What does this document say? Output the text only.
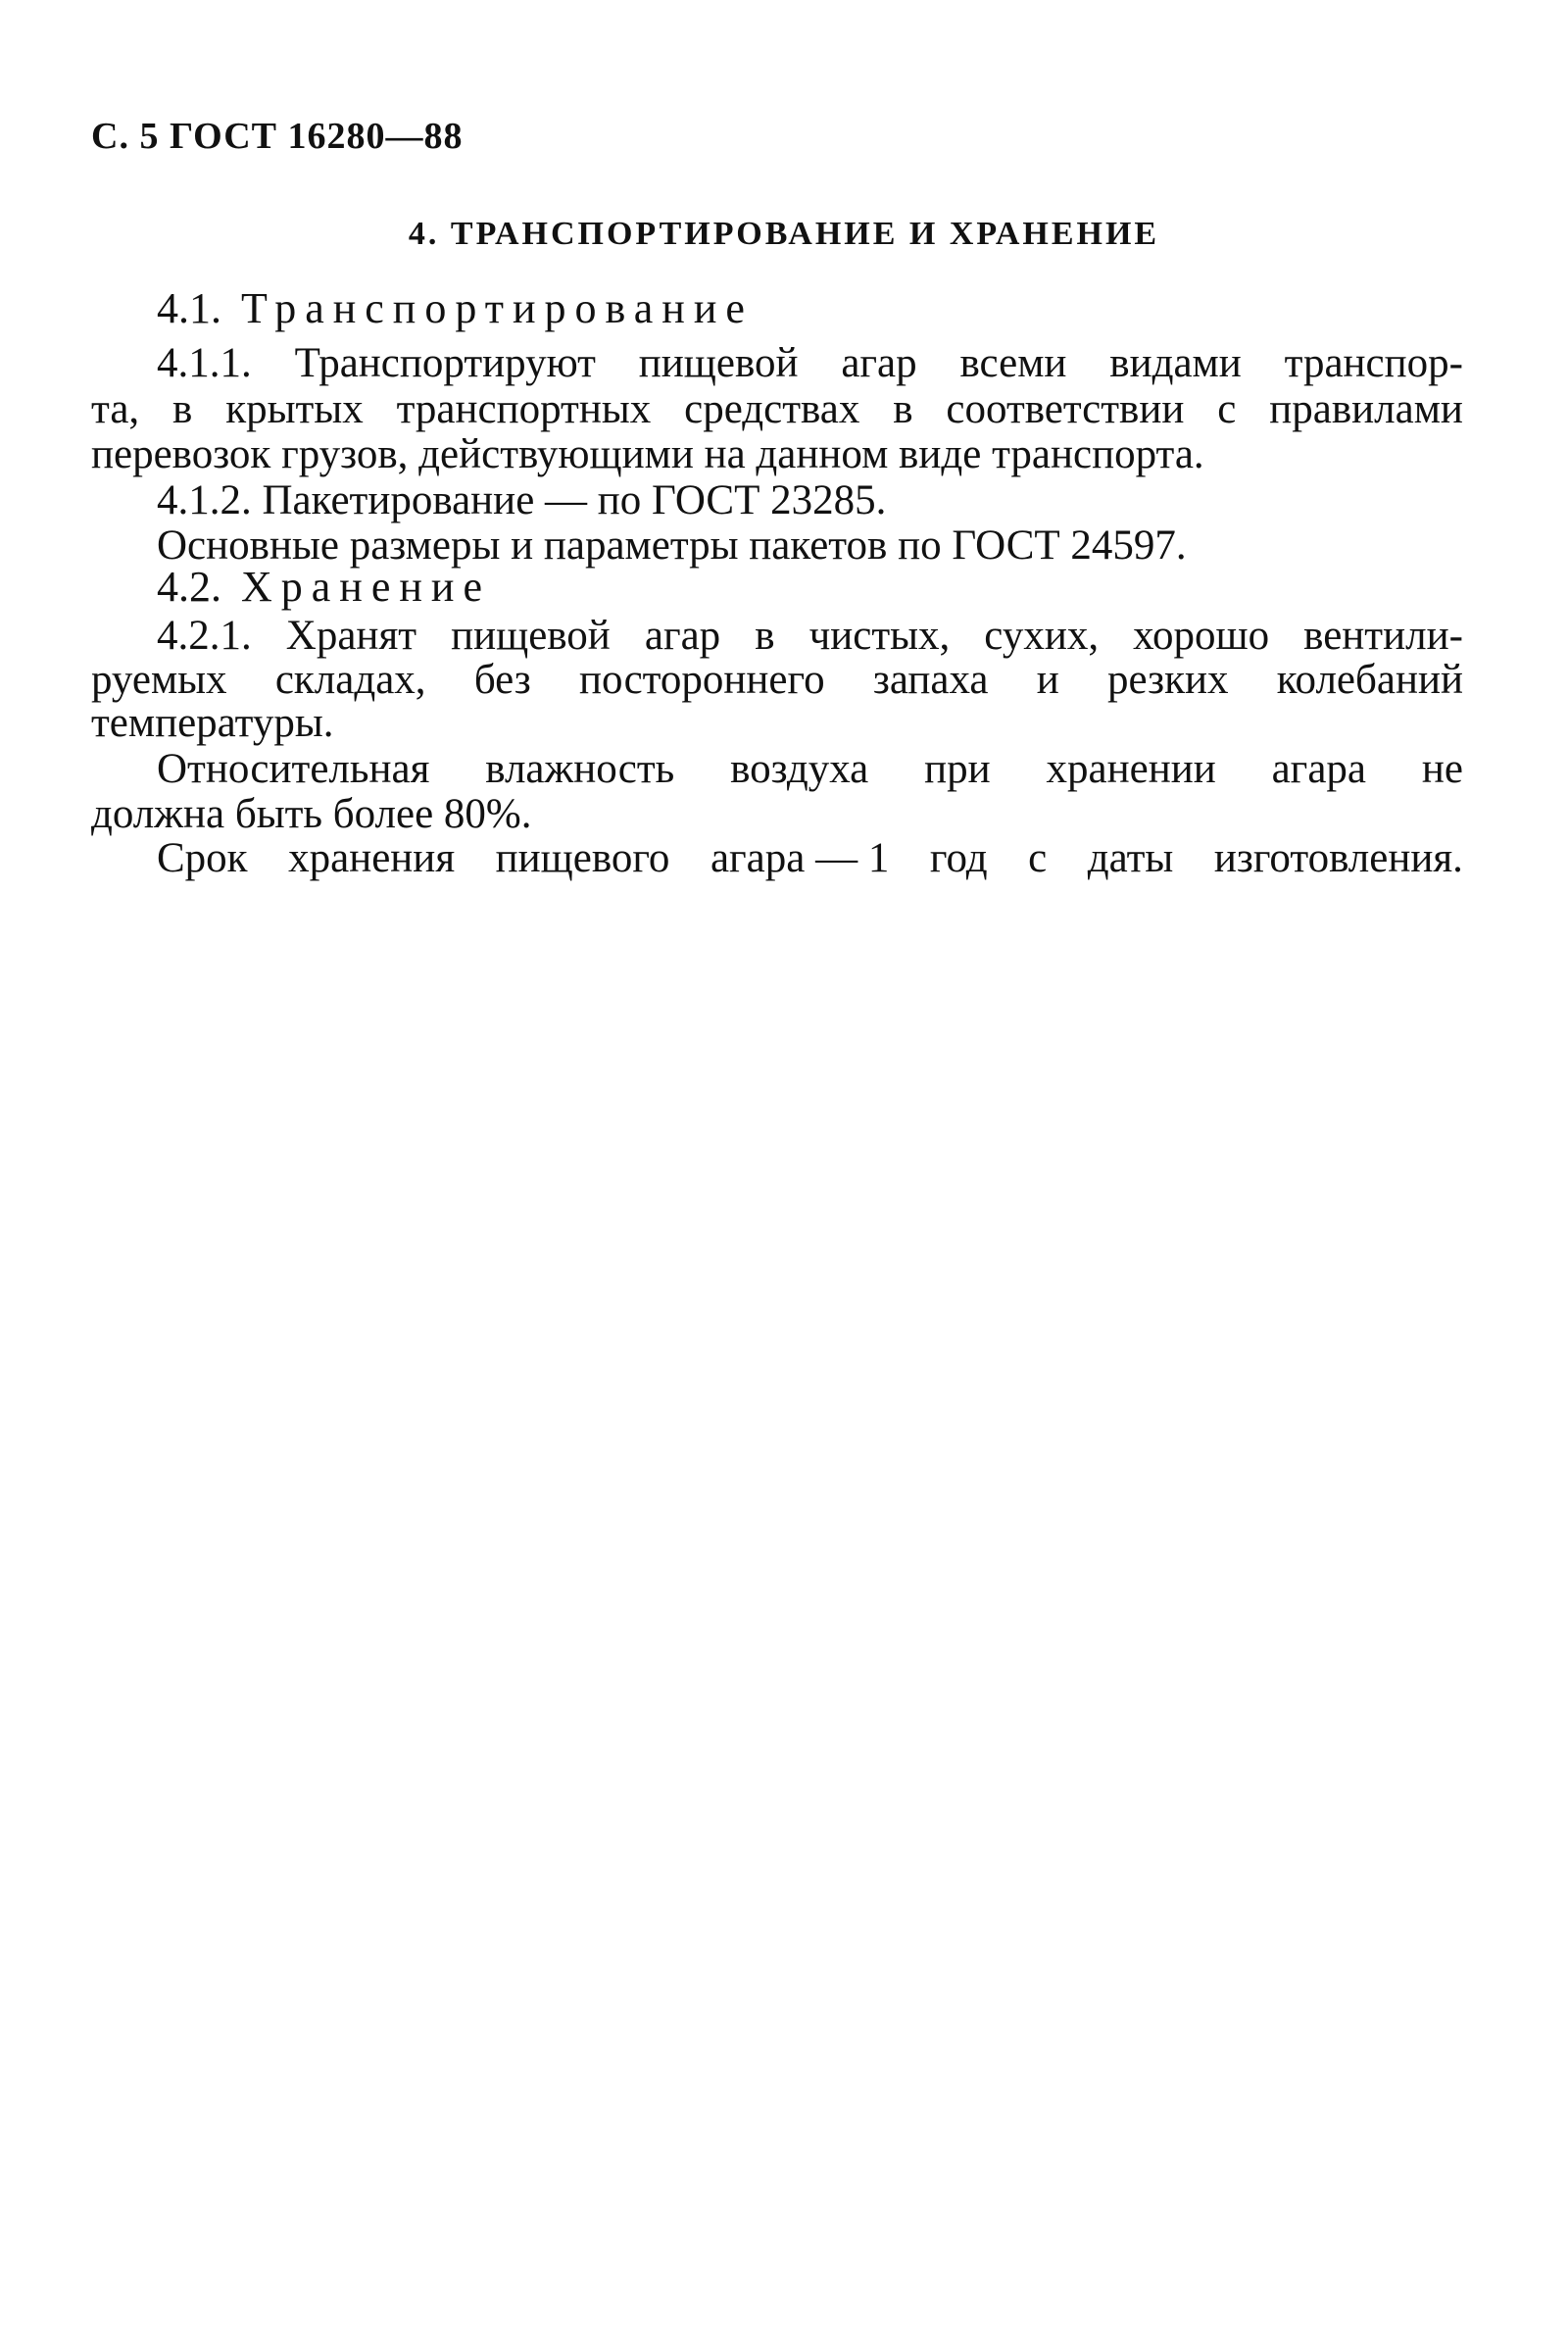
С. 5 ГОСТ 16280—88
4. ТРАНСПОРТИРОВАНИЕ И ХРАНЕНИЕ
4.1. Транспортирование
4.1.1. Транспортируют пищевой агар всеми видами транспор-
та, в крытых транспортных средствах в соответствии с правилами
перевозок грузов, действующими на данном виде транспорта.
4.1.2. Пакетирование — по ГОСТ 23285.
Основные размеры и параметры пакетов по ГОСТ 24597.
4.2. Хранение
4.2.1. Хранят пищевой агар в чистых, сухих, хорошо вентили-
руемых складах, без постороннего запаха и резких колебаний
температуры.
Относительная влажность воздуха при хранении агара не
должна быть более 80%.
Срок хранения пищевого агара — 1 год с даты изготовления.
